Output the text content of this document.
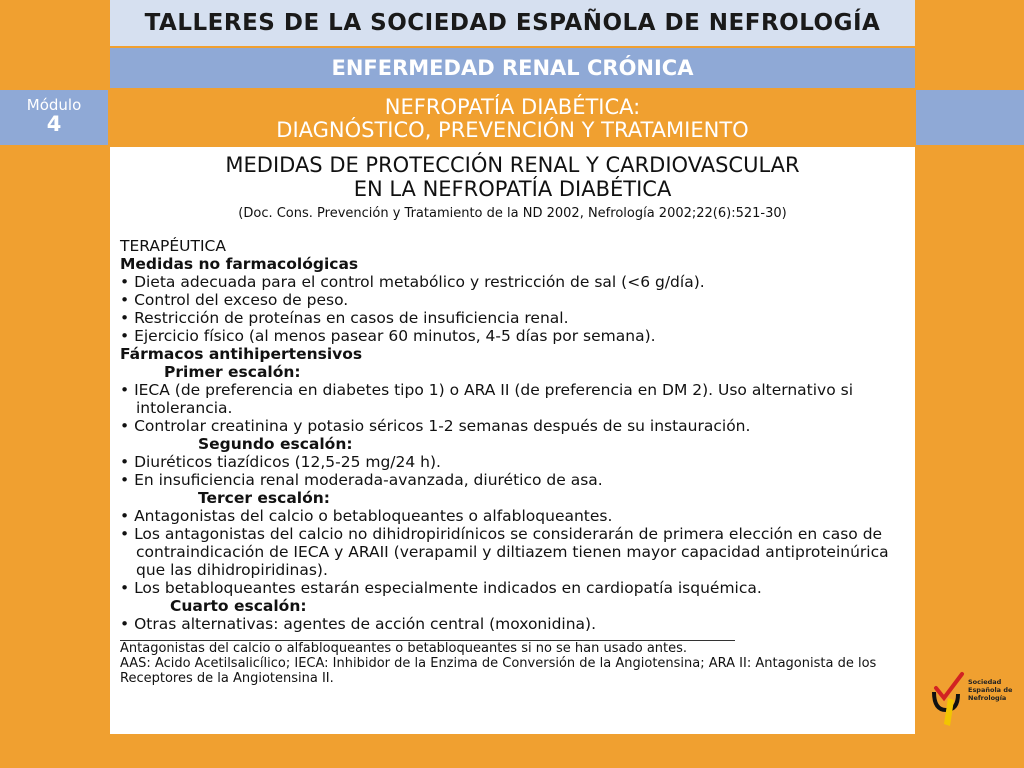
TALLERES DE LA SOCIEDAD ESPAÑOLA DE NEFROLOGÍA
ENFERMEDAD RENAL CRÓNICA
Módulo
4
NEFROPATÍA DIABÉTICA:
DIAGNÓSTICO, PREVENCIÓN Y TRATAMIENTO
MEDIDAS DE PROTECCIÓN RENAL Y CARDIOVASCULAR
EN LA NEFROPATÍA DIABÉTICA
(Doc. Cons. Prevención y Tratamiento de la ND 2002, Nefrología 2002;22(6):521-30)
TERAPÉUTICA
Medidas no farmacológicas
• Dieta adecuada para el control metabólico y restricción de sal (<6 g/día).
• Control del exceso de peso.
• Restricción de proteínas en casos de insuficiencia renal.
• Ejercicio físico (al menos pasear 60 minutos, 4-5 días por semana).
Fármacos antihipertensivos
Primer escalón:
• IECA (de preferencia en diabetes tipo 1) o ARA II (de preferencia en DM 2). Uso alternativo si intolerancia.
• Controlar creatinina y potasio séricos 1-2 semanas después de su instauración.
Segundo escalón:
• Diuréticos tiazídicos (12,5-25 mg/24 h).
• En insuficiencia renal moderada-avanzada, diurético de asa.
Tercer escalón:
• Antagonistas del calcio o betabloqueantes o alfabloqueantes.
• Los antagonistas del calcio no dihidropiridínicos se considerarán de primera elección en caso de contraindicación de IECA y ARAII (verapamil y diltiazem tienen mayor capacidad antiproteinúrica que las dihidropiridinas).
• Los betabloqueantes estarán especialmente indicados en cardiopatía isquémica.
Cuarto escalón:
• Otras alternativas: agentes de acción central (moxonidina).
Antagonistas del calcio o alfabloqueantes o betabloqueantes si no se han usado antes.
AAS: Acido Acetilsalicílico; IECA: Inhibidor de la Enzima de Conversión de la Angiotensina; ARA II: Antagonista de los Receptores de la Angiotensina II.	Sociedad
Española de
Nefrología
